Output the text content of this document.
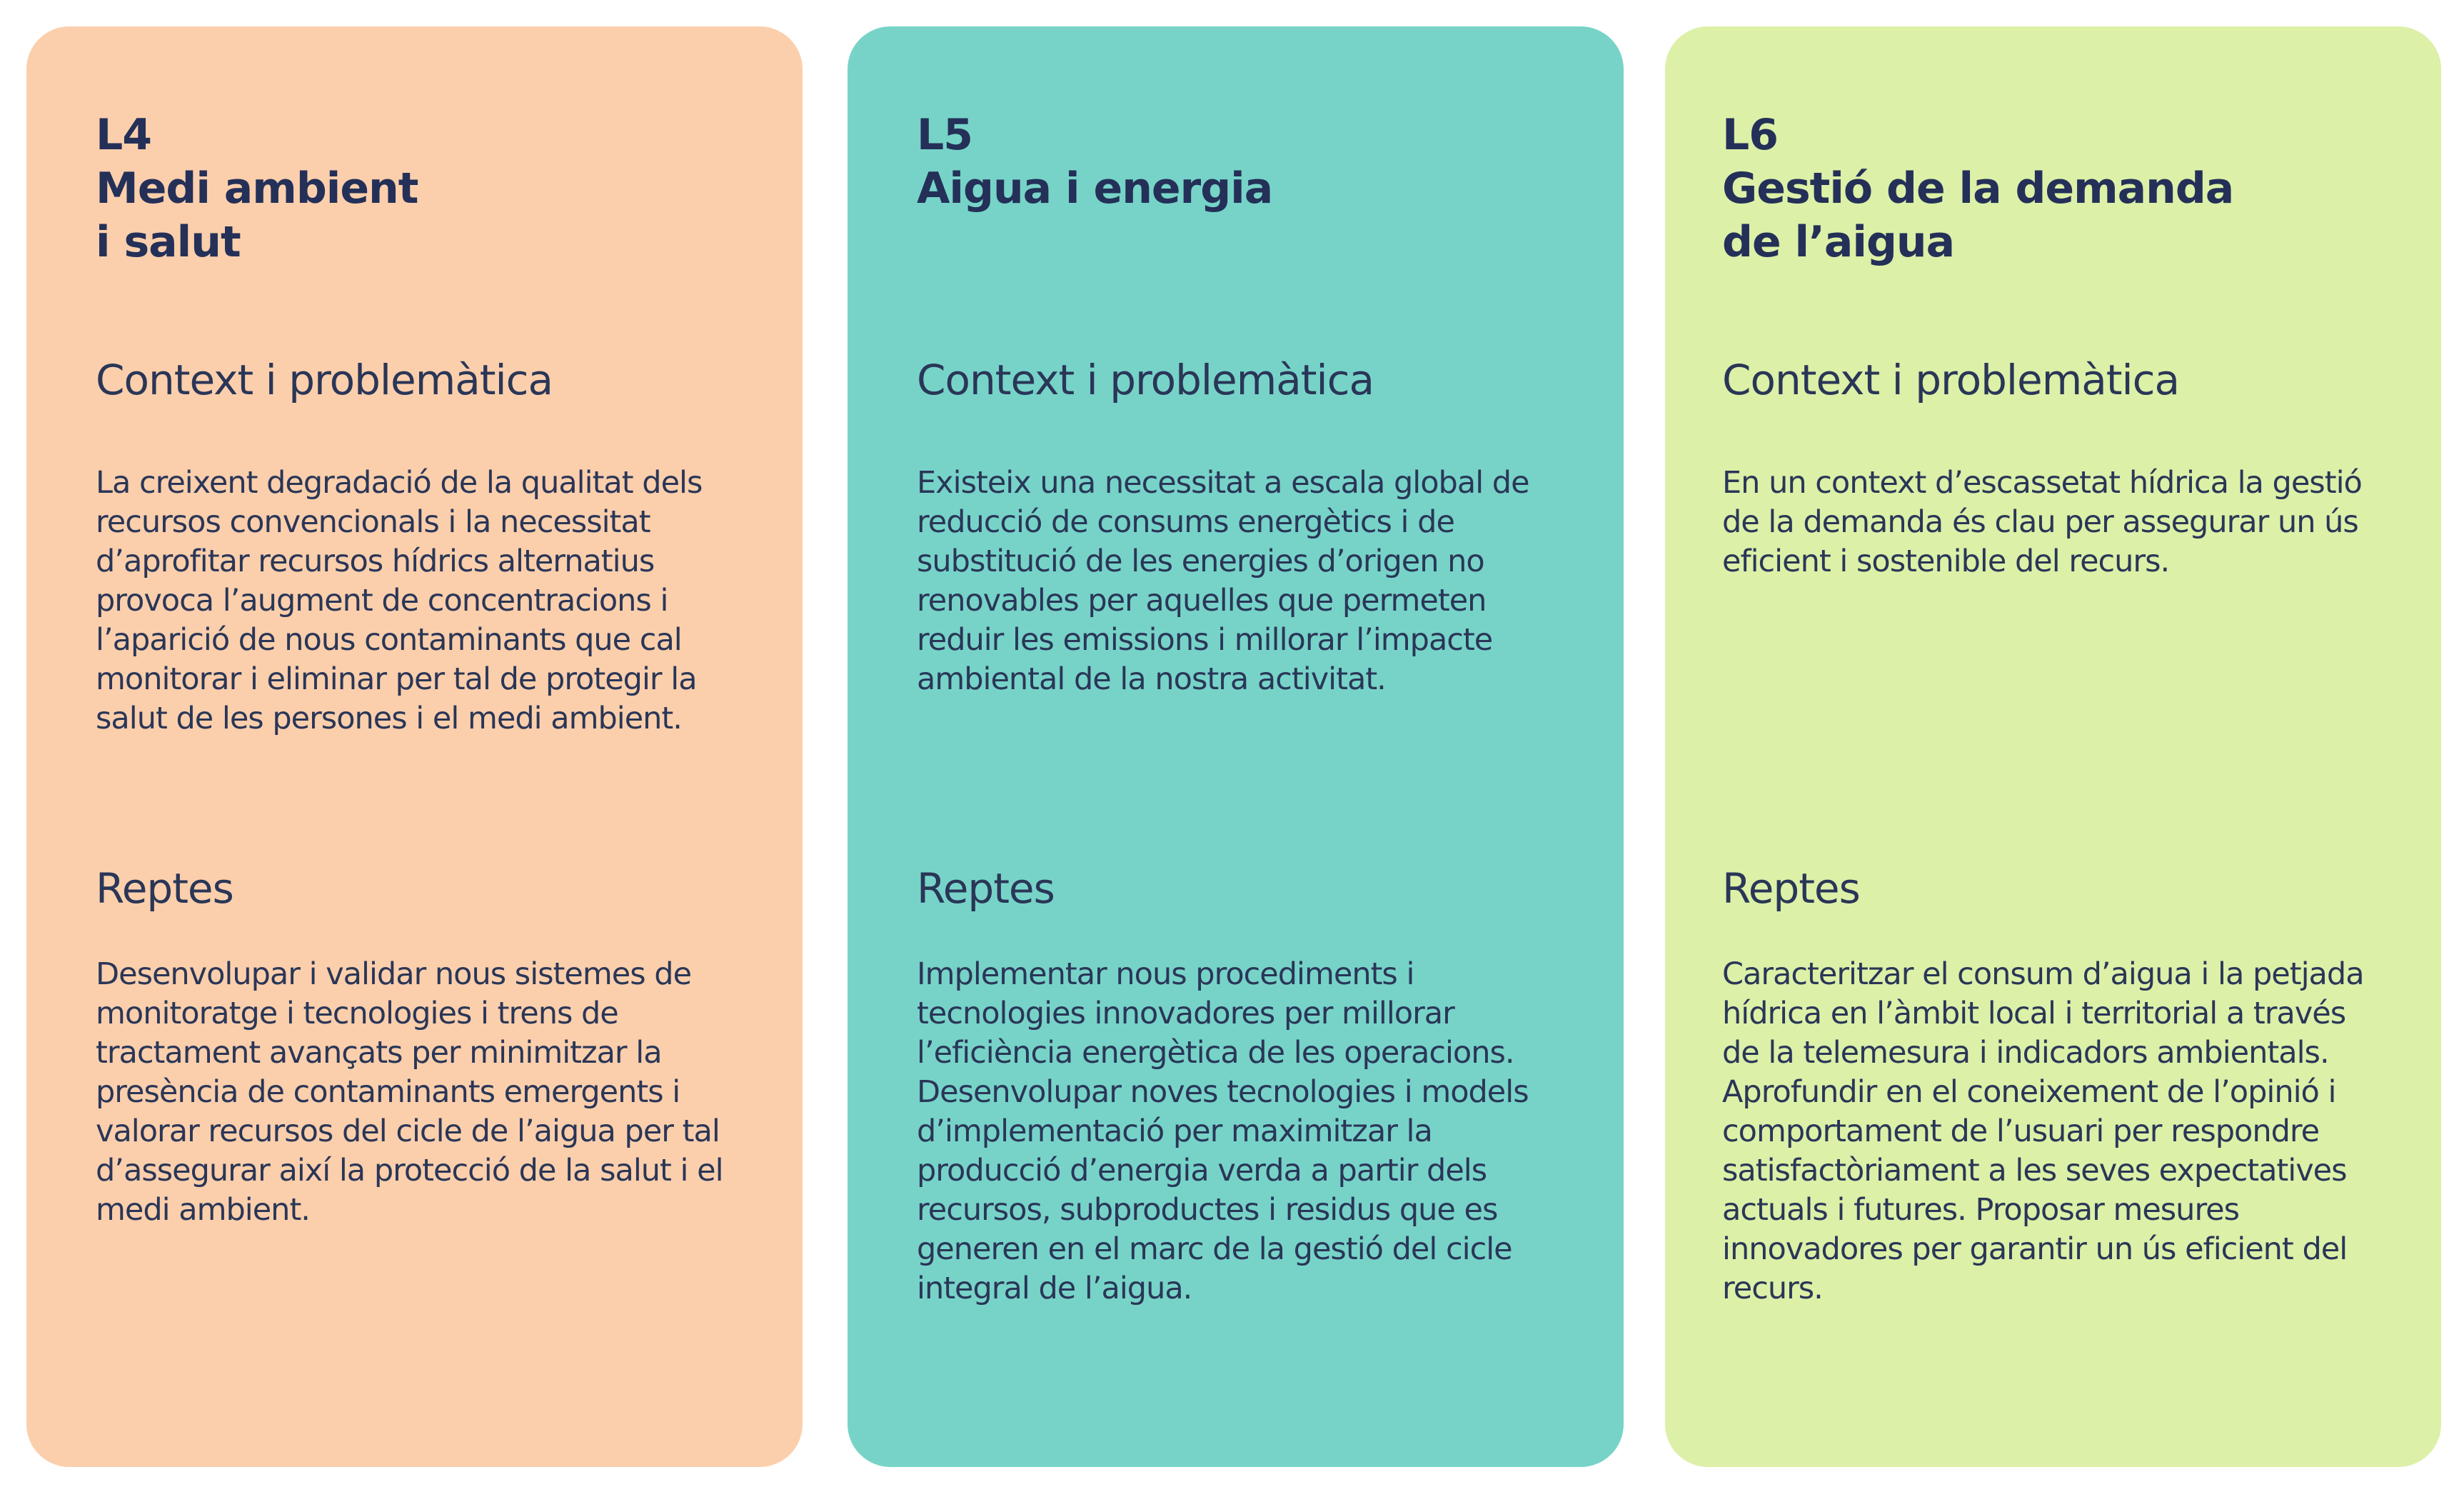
L4
Medi ambient
i salut
Context i problemàtica
La creixent degradació de la qualitat dels
recursos convencionals i la necessitat
d’aprofitar recursos hídrics alternatius
provoca l’augment de concentracions i
l’aparició de nous contaminants que cal
monitorar i eliminar per tal de protegir la
salut de les persones i el medi ambient.
Reptes
Desenvolupar i validar nous sistemes de
monitoratge i tecnologies i trens de
tractament avançats per minimitzar la
presència de contaminants emergents i
valorar recursos del cicle de l’aigua per tal
d’assegurar així la protecció de la salut i el
medi ambient.
L5
Aigua i energia
Context i problemàtica
Existeix una necessitat a escala global de
reducció de consums energètics i de
substitució de les energies d’origen no
renovables per aquelles que permeten
reduir les emissions i millorar l’impacte
ambiental de la nostra activitat.
Reptes
Implementar nous procediments i
tecnologies innovadores per millorar
l’eficiència energètica de les operacions.
Desenvolupar noves tecnologies i models
d’implementació per maximitzar la
producció d’energia verda a partir dels
recursos, subproductes i residus que es
generen en el marc de la gestió del cicle
integral de l’aigua.
L6
Gestió de la demanda
de l’aigua
Context i problemàtica
En un context d’escassetat hídrica la gestió
de la demanda és clau per assegurar un ús
eficient i sostenible del recurs.
Reptes
Caracteritzar el consum d’aigua i la petjada
hídrica en l’àmbit local i territorial a través
de la telemesura i indicadors ambientals.
Aprofundir en el coneixement de l’opinió i
comportament de l’usuari per respondre
satisfactòriament a les seves expectatives
actuals i futures. Proposar mesures
innovadores per garantir un ús eficient del
recurs.
